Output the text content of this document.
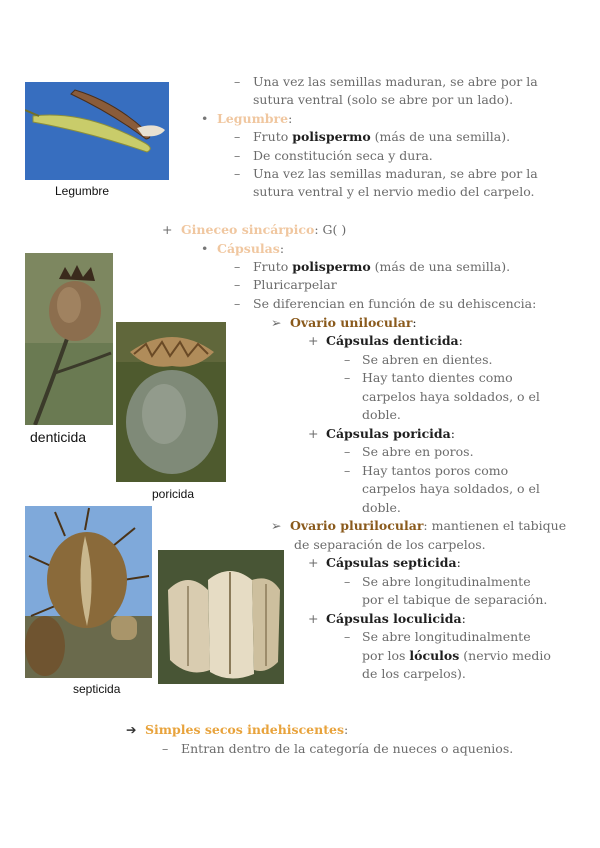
Legumbre
denticida
poricida
septicida
– Una vez las semillas maduran, se abre por la
sutura ventral (solo se abre por un lado).
• Legumbre:
– Fruto polispermo (más de una semilla).
– De constitución seca y dura.
– Una vez las semillas maduran, se abre por la
sutura ventral y el nervio medio del carpelo.
+ Gineceo sincárpico: G( )
• Cápsulas:
– Fruto polispermo (más de una semilla).
– Pluricarpelar
– Se diferencian en función de su dehiscencia:
➢ Ovario unilocular:
+ Cápsulas denticida:
– Se abren en dientes.
– Hay tanto dientes como
carpelos haya soldados, o el
doble.
+ Cápsulas poricida:
– Se abre en poros.
– Hay tantos poros como
carpelos haya soldados, o el
doble.
➢ Ovario plurilocular: mantienen el tabique
de separación de los carpelos.
+ Cápsulas septicida:
– Se abre longitudinalmente
por el tabique de separación.
+ Cápsulas loculicida:
– Se abre longitudinalmente
por los lóculos (nervio medio
de los carpelos).
➔ Simples secos indehiscentes:
– Entran dentro de la categoría de nueces o aquenios.
